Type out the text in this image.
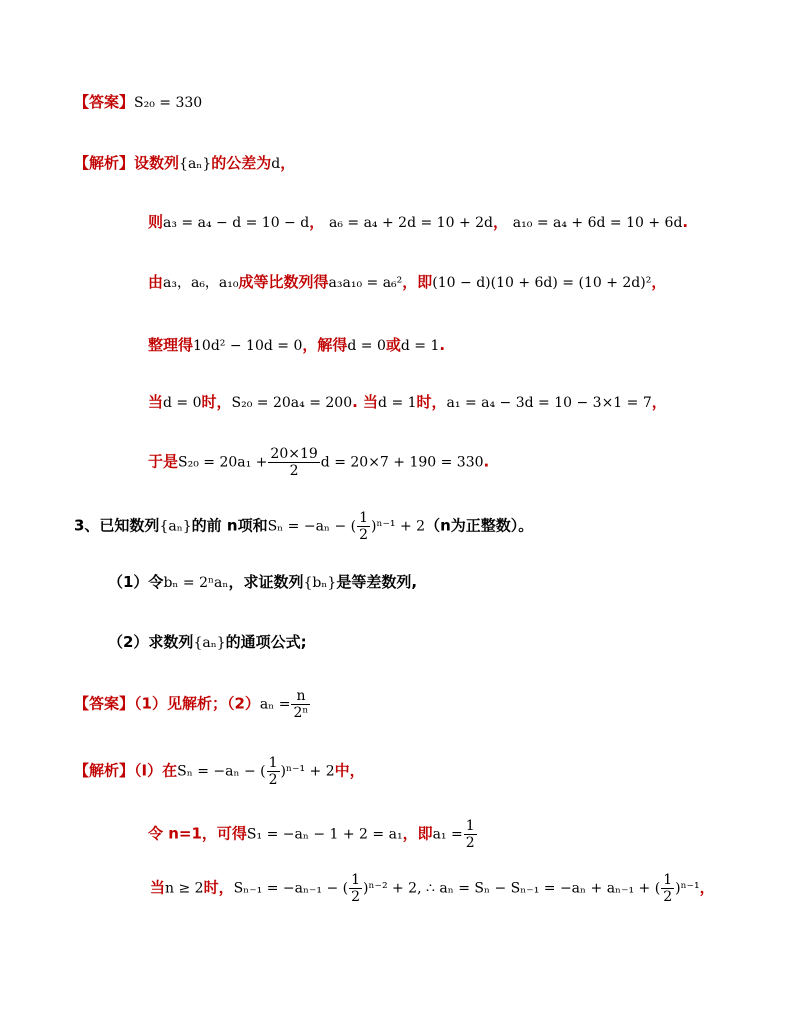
【答案】S₂₀ = 330
【解析】设数列{aₙ}的公差为d，
则a₃ = a₄ − d = 10 − d， a₆ = a₄ + 2d = 10 + 2d， a₁₀ = a₄ + 6d = 10 + 6d.
由a₃，a₆，a₁₀成等比数列得a₃a₁₀ = a₆²，即(10 − d)(10 + 6d) = (10 + 2d)²，
整理得10d² − 10d = 0，解得d = 0或d = 1.
当d = 0时，S₂₀ = 20a₄ = 200. 当d = 1时，a₁ = a₄ − 3d = 10 − 3×1 = 7，
于是$S_{20} = 20a_1 + \frac{20\times 19}{2}$ d = 20×7 + 190 = 330.
3、已知数列{aₙ}的前 n项和Sₙ = −aₙ − ( $\frac{1}{2} )^{n-1} + 2(n$为正整数）。
（1）令bₙ = 2ⁿaₙ，求证数列{bₙ}是等差数列,
（2）求数列{aₙ}的通项公式;
【答案】（1）见解析；$(2)a_n = \frac{n}{\text{2ⁿ}}$
【解析】（I）在Sₙ = −aₙ − ( $\frac{1}{2} )^{n-1} + 2$中，
令 n=1，可得S₁ = −aₙ − 1 + 2 = a₁，即$a_1 = \frac{1}{2}$
当n ≥ 2时，Sₙ₋₁ = −aₙ₋₁ − ( $\frac{1}{2} )^{n-2} + 2$, ∴ aₙ = Sₙ − Sₙ₋₁ = −aₙ + aₙ₋₁ + ( $\frac{1}{2} )^{n-1}$，
